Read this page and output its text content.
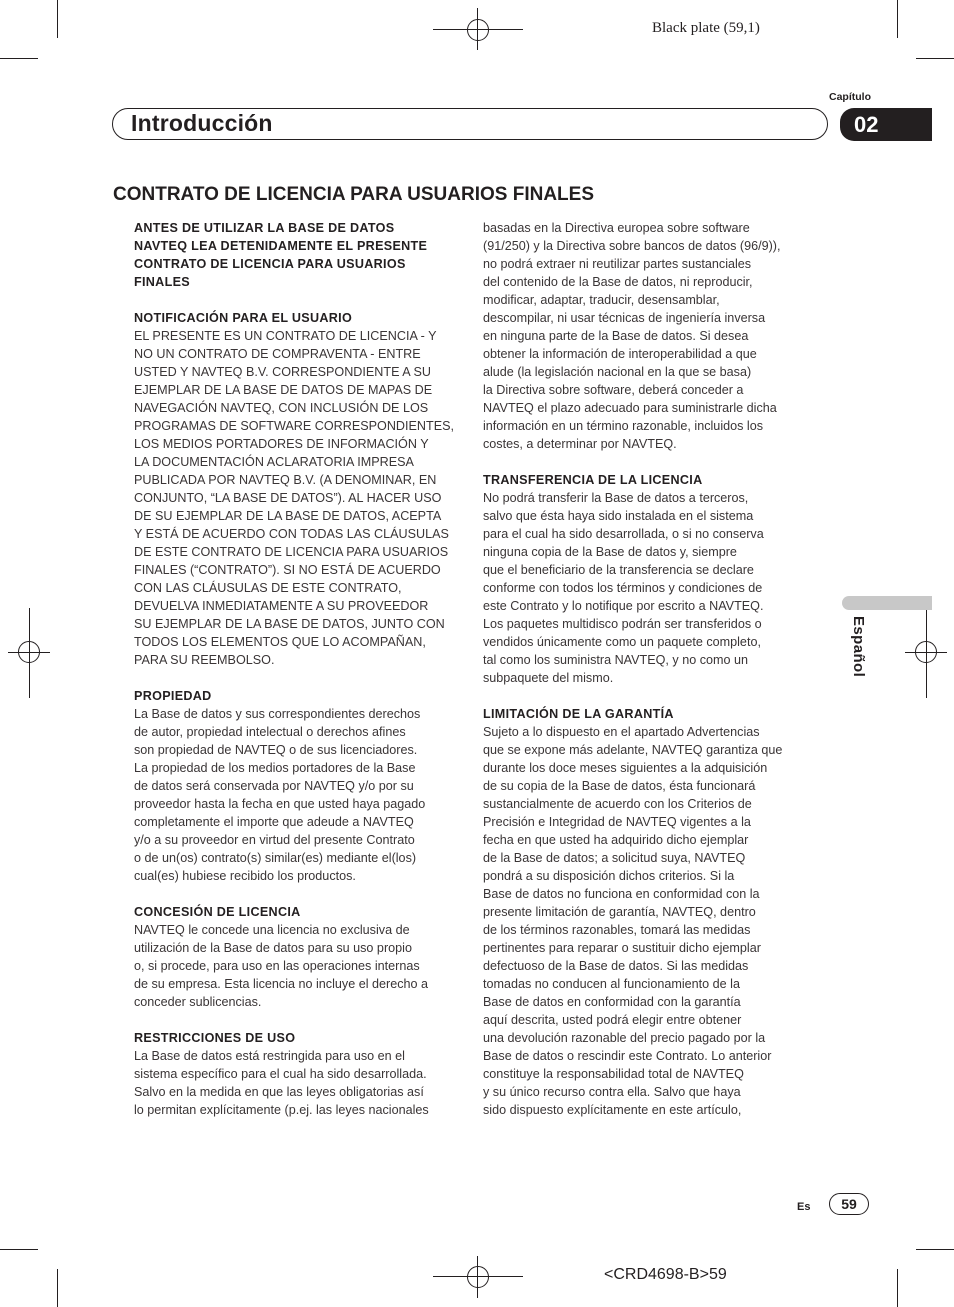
Black plate (59,1)
Capítulo
Introducción	02
CONTRATO DE LICENCIA PARA USUARIOS FINALES
ANTES DE UTILIZAR LA BASE DE DATOS
NAVTEQ LEA DETENIDAMENTE EL PRESENTE
CONTRATO DE LICENCIA PARA USUARIOS
FINALES
NOTIFICACIÓN PARA EL USUARIO
EL PRESENTE ES UN CONTRATO DE LICENCIA - Y
NO UN CONTRATO DE COMPRAVENTA - ENTRE
USTED Y NAVTEQ B.V. CORRESPONDIENTE A SU
EJEMPLAR DE LA BASE DE DATOS DE MAPAS DE
NAVEGACIÓN NAVTEQ, CON INCLUSIÓN DE LOS
PROGRAMAS DE SOFTWARE CORRESPONDIENTES,
LOS MEDIOS PORTADORES DE INFORMACIÓN Y
LA DOCUMENTACIÓN ACLARATORIA IMPRESA
PUBLICADA POR NAVTEQ B.V. (A DENOMINAR, EN
CONJUNTO, “LA BASE DE DATOS”). AL HACER USO
DE SU EJEMPLAR DE LA BASE DE DATOS, ACEPTA
Y ESTÁ DE ACUERDO CON TODAS LAS CLÁUSULAS
DE ESTE CONTRATO DE LICENCIA PARA USUARIOS
FINALES (“CONTRATO”). SI NO ESTÁ DE ACUERDO
CON LAS CLÁUSULAS DE ESTE CONTRATO,
DEVUELVA INMEDIATAMENTE A SU PROVEEDOR
SU EJEMPLAR DE LA BASE DE DATOS, JUNTO CON
TODOS LOS ELEMENTOS QUE LO ACOMPAÑAN,
PARA SU REEMBOLSO.
PROPIEDAD
La Base de datos y sus correspondientes derechos
de autor, propiedad intelectual o derechos afines
son propiedad de NAVTEQ o de sus licenciadores.
La propiedad de los medios portadores de la Base
de datos será conservada por NAVTEQ y/o por su
proveedor hasta la fecha en que usted haya pagado
completamente el importe que adeude a NAVTEQ
y/o a su proveedor en virtud del presente Contrato
o de un(os) contrato(s) similar(es) mediante el(los)
cual(es) hubiese recibido los productos.
CONCESIÓN DE LICENCIA
NAVTEQ le concede una licencia no exclusiva de
utilización de la Base de datos para su uso propio
o, si procede, para uso en las operaciones internas
de su empresa. Esta licencia no incluye el derecho a
conceder sublicencias.
RESTRICCIONES DE USO
La Base de datos está restringida para uso en el
sistema específico para el cual ha sido desarrollada.
Salvo en la medida en que las leyes obligatorias así
lo permitan explícitamente (p.ej. las leyes nacionales
basadas en la Directiva europea sobre software
(91/250) y la Directiva sobre bancos de datos (96/9)),
no podrá extraer ni reutilizar partes sustanciales
del contenido de la Base de datos, ni reproducir,
modificar, adaptar, traducir, desensamblar,
descompilar, ni usar técnicas de ingeniería inversa
en ninguna parte de la Base de datos. Si desea
obtener la información de interoperabilidad a que
alude (la legislación nacional en la que se basa)
la Directiva sobre software, deberá conceder a
NAVTEQ el plazo adecuado para suministrarle dicha
información en un término razonable, incluidos los
costes, a determinar por NAVTEQ.
TRANSFERENCIA DE LA LICENCIA
No podrá transferir la Base de datos a terceros,
salvo que ésta haya sido instalada en el sistema
para el cual ha sido desarrollada, o si no conserva
ninguna copia de la Base de datos y, siempre
que el beneficiario de la transferencia se declare
conforme con todos los términos y condiciones de
este Contrato y lo notifique por escrito a NAVTEQ.
Los paquetes multidisco podrán ser transferidos o
vendidos únicamente como un paquete completo,
tal como los suministra NAVTEQ, y no como un
subpaquete del mismo.
LIMITACIÓN DE LA GARANTÍA
Sujeto a lo dispuesto en el apartado Advertencias
que se expone más adelante, NAVTEQ garantiza que
durante los doce meses siguientes a la adquisición
de su copia de la Base de datos, ésta funcionará
sustancialmente de acuerdo con los Criterios de
Precisión e Integridad de NAVTEQ vigentes a la
fecha en que usted ha adquirido dicho ejemplar
de la Base de datos; a solicitud suya, NAVTEQ
pondrá a su disposición dichos criterios. Si la
Base de datos no funciona en conformidad con la
presente limitación de garantía, NAVTEQ, dentro
de los términos razonables, tomará las medidas
pertinentes para reparar o sustituir dicho ejemplar
defectuoso de la Base de datos. Si las medidas
tomadas no conducen al funcionamiento de la
Base de datos en conformidad con la garantía
aquí descrita, usted podrá elegir entre obtener
una devolución razonable del precio pagado por la
Base de datos o rescindir este Contrato. Lo anterior
constituye la responsabilidad total de NAVTEQ
y su único recurso contra ella. Salvo que haya
sido dispuesto explícitamente en este artículo,
Español
Es	59
<CRD4698-B>59
